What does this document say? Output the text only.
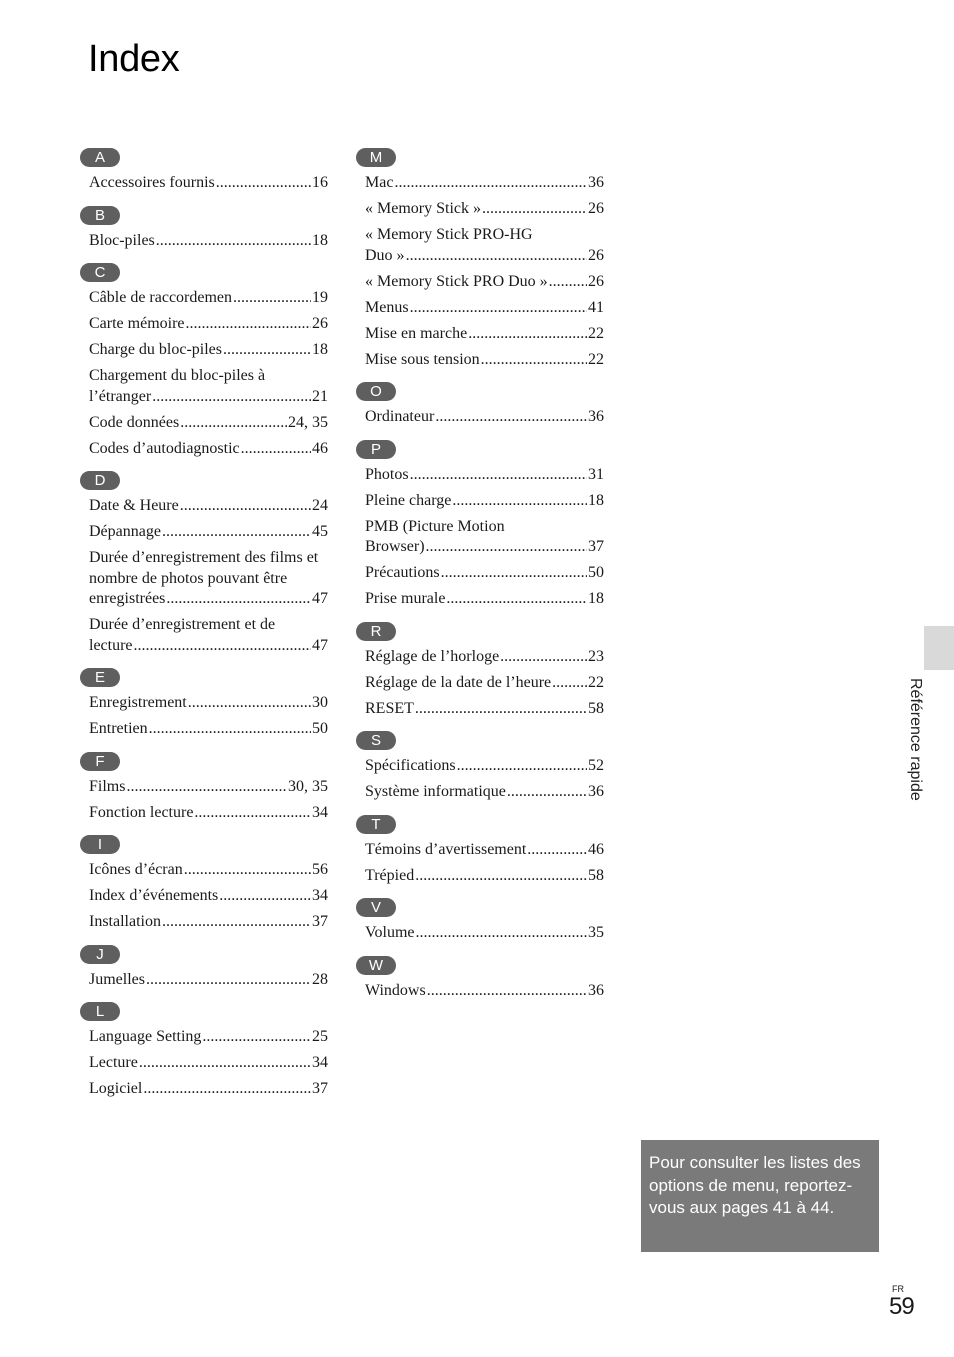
Index
A
Accessoires fournis .....	16
B
Bloc-piles .....	18
C
Câble de raccordemen .....	19
Carte mémoire .....	26
Charge du bloc-piles .....	18
Chargement du bloc-piles à
l’étranger .....	21
Code données .....	24, 35
Codes d’autodiagnostic .....	46
D
Date & Heure .....	24
Dépannage .....	45
Durée d’enregistrement des films et nombre de photos pouvant être
enregistrées .....	47
Durée d’enregistrement et de
lecture .....	47
E
Enregistrement .....	30
Entretien .....	50
F
Films .....	30, 35
Fonction lecture .....	34
I
Icônes d’écran .....	56
Index d’événements .....	34
Installation .....	37
J
Jumelles .....	28
L
Language Setting .....	25
Lecture .....	34
Logiciel .....	37
M
Mac .....	36
« Memory Stick » .....	26
« Memory Stick PRO-HG
Duo » .....	26
« Memory Stick PRO Duo » .....	26
Menus .....	41
Mise en marche .....	22
Mise sous tension .....	22
O
Ordinateur .....	36
P
Photos .....	31
Pleine charge .....	18
PMB (Picture Motion
Browser) .....	37
Précautions .....	50
Prise murale .....	18
R
Réglage de l’horloge .....	23
Réglage de la date de l’heure ..... 22
RESET .....	58
S
Spécifications .....	52
Système informatique .....	36
T
Témoins d’avertissement .....	46
Trépied .....	58
V
Volume .....	35
W
Windows .....	36
Référence rapide
Pour consulter les listes des options de menu, reportez-vous aux pages 41 à 44.
FR
59
